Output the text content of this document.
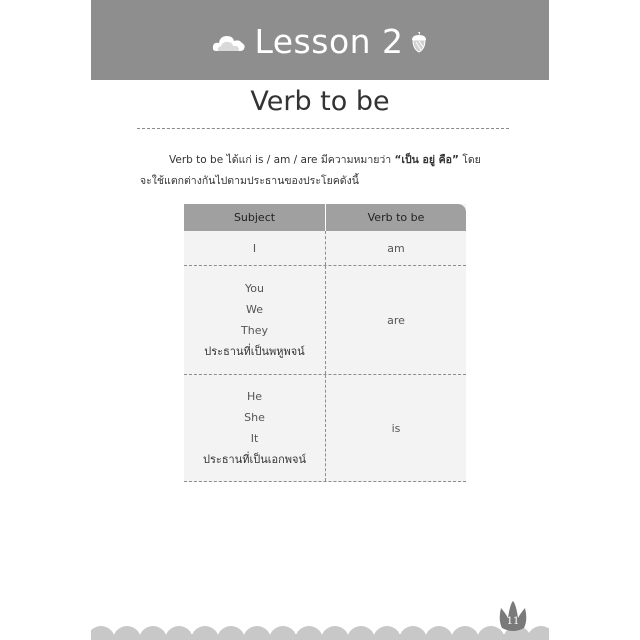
Lesson 2
Verb to be
Verb to be ได้แก่ is / am / are มีความหมายว่า “เป็น อยู่ คือ” โดย
จะใช้แตกต่างกันไปตามประธานของประโยคดังนี้
Subject	Verb to be
I	am
You
We
They
ประธานที่เป็นพหูพจน์
are
He
She
It
ประธานที่เป็นเอกพจน์
is
11
